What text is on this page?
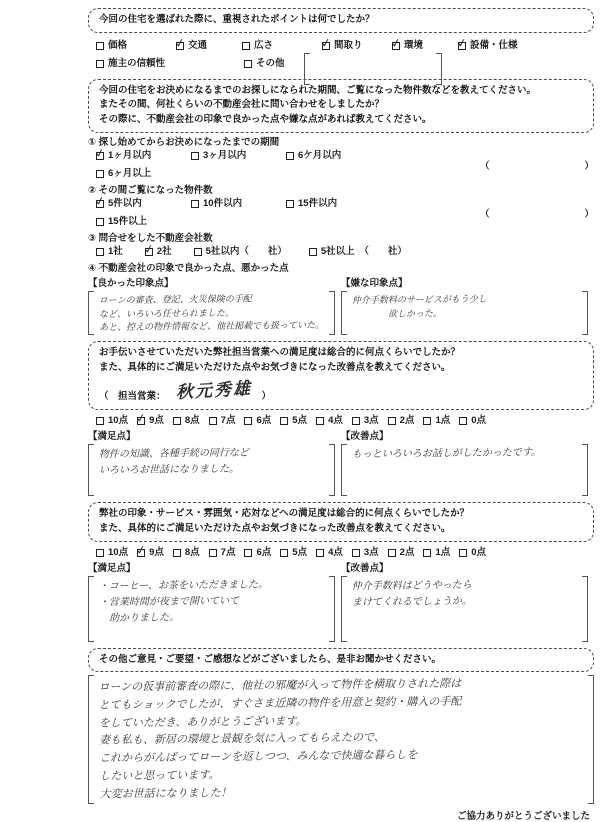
今回の住宅を選ばれた際に、重視されたポイントは何でしたか？
価格 ✓	交通	広さ ✓	間取り ✓	環境 ✓	設備・仕様
施主の信頼性	その他
今回の住宅をお決めになるまでのお探しになられた期間、ご覧になった物件数などを教えてください。
またその間、何社くらいの不動産会社に問い合わせをしましたか？
その際に、不動産会社の印象で良かった点や嫌な点があれば教えてください。
① 探し始めてからお決めになったまでの期間
✓
1ヶ月以内	3ヶ月以内	6ケ月以内
6ヶ月以上
（　　　　　　　　　　）
② その間ご覧になった物件数
✓
5件以内	10件以内	15件以内
15件以上
（　　　　　　　　　　）
③ 問合せをした不動産会社数
1社 ✓	2社	5社以内（　　社）	5社以上　（　　社）
④ 不動産会社の印象で良かった点、悪かった点
【良かった印象点】
ローンの審査、登記、火災保険の手配
など、いろいろ任せられました。
あと、控えの物件情報など、他社掲載でも扱っていた。
【嫌な印象点】
仲介手数料のサービスがもう少し
　　　　欲しかった。
お手伝いさせていただいた弊社担当営業への満足度は総合的に何点くらいでしたか？
また、具体的にご満足いただけた点やお気づきになった改善点を教えてください。
（　担当営業： 秋元秀雄 ）
10点 ✓ 9点 8点 7点 6点 5点 4点 3点 2点 1点 0点
【満足点】
物件の知識、各種手続の同行など
いろいろお世話になりました。
【改善点】
もっといろいろお話しがしたかったです。
弊社の印象・サービス・雰囲気・応対などへの満足度は総合的に何点くらいでしたか？
また、具体的にご満足いただけた点やお気づきになった改善点を教えてください。
10点 ✓ 9点 8点 7点 6点 5点 4点 3点 2点 1点 0点
【満足点】
・コーヒー、お茶をいただきました。
・営業時間が夜まで開いていて
　助かりました。
【改善点】
仲介手数料はどうやったら
まけてくれるでしょうか。
その他ご意見・ご要望・ご感想などがございましたら、是非お聞かせください。
ローンの仮事前審査の際に、他社の邪魔が入って物件を横取りされた際は
とてもショックでしたが、すぐさま近隣の物件を用意と契約・購入の手配
をしていただき、ありがとうございます。
妻も私も、新居の環境と景観を気に入ってもらえたので、
これからがんばってローンを返しつつ、みんなで快適な暮らしを
したいと思っています。
大変お世話になりました！
ご協力ありがとうございました
